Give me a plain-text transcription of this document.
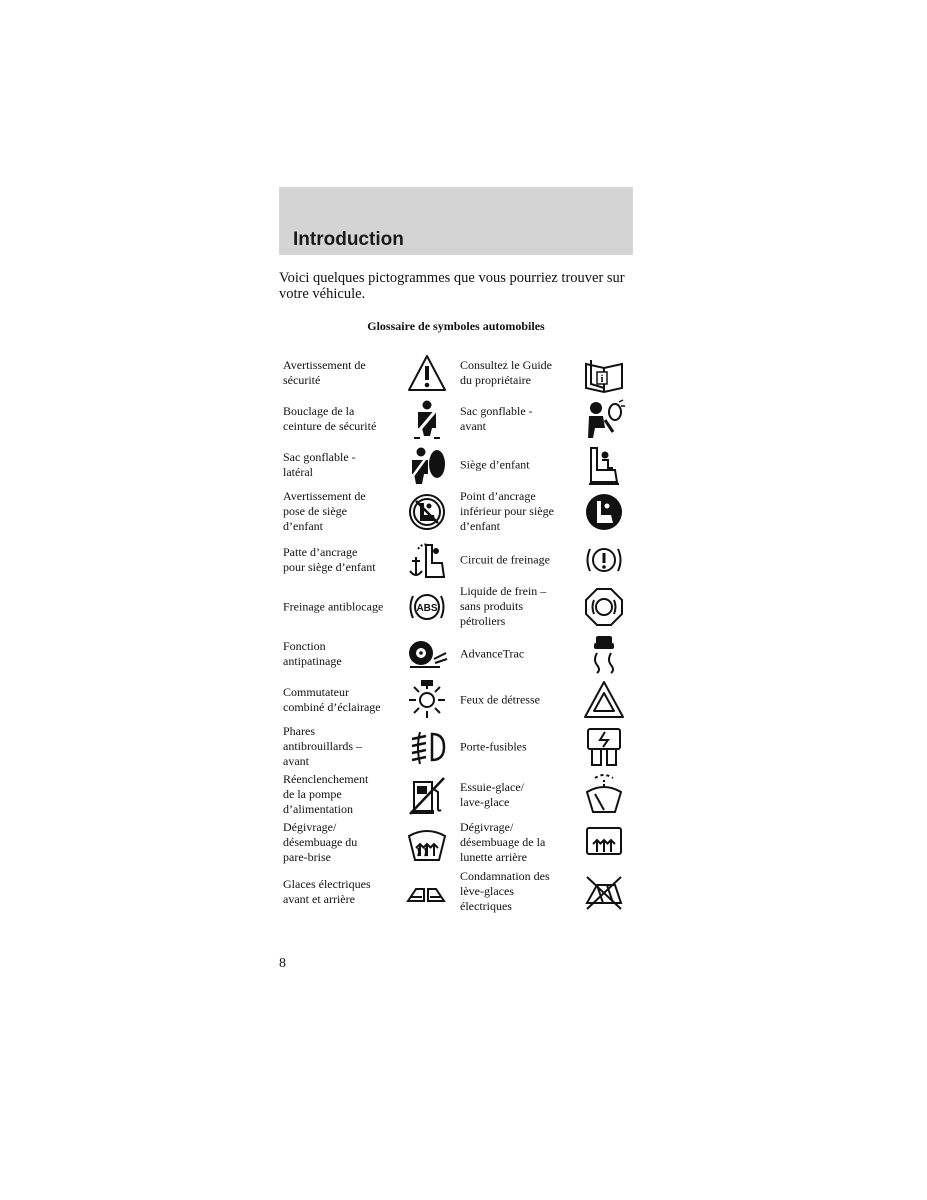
Introduction
Voici quelques pictogrammes que vous pourriez trouver sur votre véhicule.
Glossaire de symboles automobiles
Avertissement de
sécurité
Consultez le Guide
du propriétaire	i
Bouclage de la
ceinture de sécurité
Sac gonflable -
avant
Sac gonflable -
latéral
Siège d’enfant
Avertissement de
pose de siège
d’enfant
Point d’ancrage
inférieur pour siège
d’enfant
Patte d’ancrage
pour siège d’enfant
Circuit de freinage
Freinage antiblocage	ABS
Liquide de frein –
sans produits
pétroliers
Fonction
antipatinage
AdvanceTrac
Commutateur
combiné d’éclairage
Feux de détresse
Phares
antibrouillards –
avant
Porte-fusibles
Réenclenchement
de la pompe
d’alimentation
Essuie-glace/
lave-glace
Dégivrage/
désembuage du
pare-brise
Dégivrage/
désembuage de la
lunette arrière
Glaces électriques
avant et arrière
Condamnation des
lève-glaces
électriques
8
